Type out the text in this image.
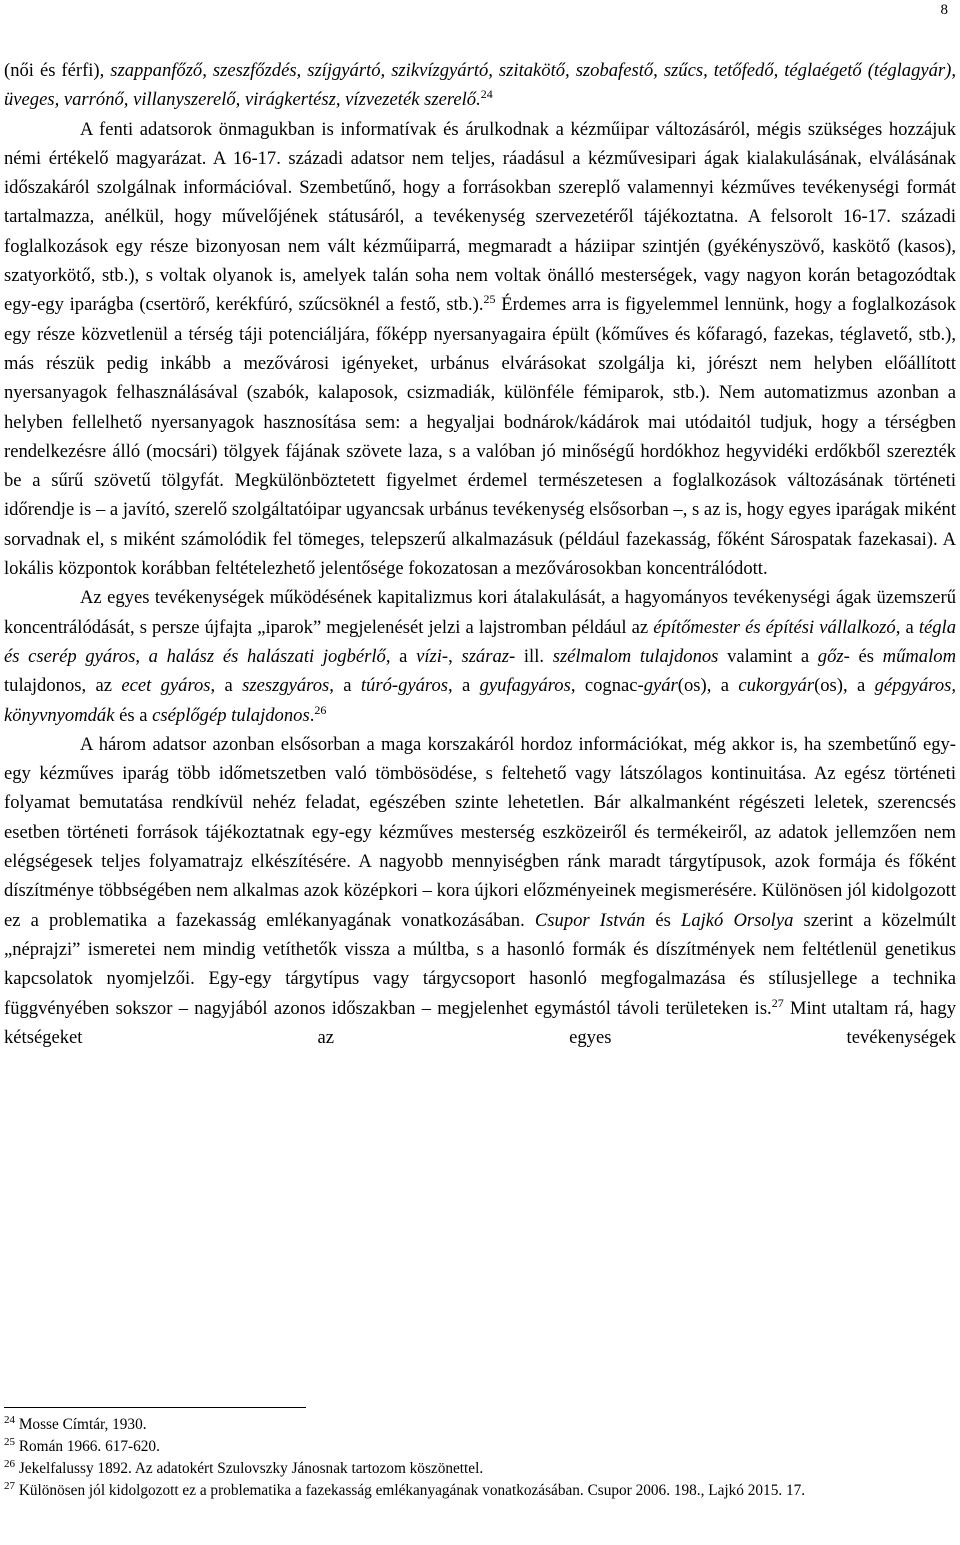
8

(női és férfi), szappanfőző, szeszfőzdés, szíjgyártó, szikvízgyártó, szitakötő, szobafestő, szűcs, tetőfedő, téglaégető (téglagyár), üveges, varrónő, villanyszerelő, virágkertész, vízvezeték szerelő.$^{24}$

A fenti adatsorok önmagukban is informatívak és árulkodnak a kézműipar változásáról, mégis szükséges hozzájuk némi értékelő magyarázat. A 16-17. századi adatsor nem teljes, ráadásul a kézművesipari ágak kialakulásának, elválásának időszakáról szolgálnak információval. Szembetűnő, hogy a forrásokban szereplő valamennyi kézműves tevékenységi formát tartalmazza, anélkül, hogy művelőjének státusáról, a tevékenység szervezetéről tájékoztatna. A felsorolt 16-17. századi foglalkozások egy része bizonyosan nem vált kézműiparrá, megmaradt a háziipar szintjén (gyékényszövő, kaskötő (kasos), szatyorkötő, stb.), s voltak olyanok is, amelyek talán soha nem voltak önálló mesterségek, vagy nagyon korán betagozódtak egy-egy iparágba (csertörő, kerékfúró, szűcsöknél a festő, stb.).$^{25}$ Érdemes arra is figyelemmel lennünk, hogy a foglalkozások egy része közvetlenül a térség táji potenciáljára, főképp nyersanyagaira épült (kőműves és kőfaragó, fazekas, téglavető, stb.), más részük pedig inkább a mezővárosi igényeket, urbánus elvárásokat szolgálja ki, jórészt nem helyben előállított nyersanyagok felhasználásával (szabók, kalaposok, csizmadiák, különféle fémiparok, stb.). Nem automatizmus azonban a helyben fellelhető nyersanyagok hasznosítása sem: a hegyaljai bodnárok/kádárok mai utódaitól tudjuk, hogy a térségben rendelkezésre álló (mocsári) tölgyek fájának szövete laza, s a valóban jó minőségű hordókhoz hegyvidéki erdőkből szerezték be a sűrű szövetű tölgyfát. Megkülönböztetett figyelmet érdemel természetesen a foglalkozások változásának történeti időrendje is – a javító, szerelő szolgáltatóipar ugyancsak urbánus tevékenység elsősorban –, s az is, hogy egyes iparágak miként sorvadnak el, s miként számolódik fel tömeges, telepszerű alkalmazásuk (például fazekasság, főként Sárospatak fazekasai). A lokális központok korábban feltételezhető jelentősége fokozatosan a mezővárosokban koncentrálódott.

Az egyes tevékenységek működésének kapitalizmus kori átalakulását, a hagyományos tevékenységi ágak üzemszerű koncentrálódását, s persze újfajta „iparok” megjelenését jelzi a lajstromban például az építőmester és építési vállalkozó, a tégla és cserép gyáros, a halász és halászati jogbérlő, a vízi-, száraz- ill. szélmalom tulajdonos valamint a gőz- és műmalom tulajdonos, az ecet gyáros, a szeszgyáros, a túró-gyáros, a gyufagyáros, cognac-gyár(os), a cukorgyár(os), a gépgyáros, könyvnyomdák és a cséplőgép tulajdonos.$^{26}$

A három adatsor azonban elsősorban a maga korszakáról hordoz információkat, még akkor is, ha szembetűnő egy-egy kézműves iparág több időmetszetben való tömbösödése, s feltehető vagy látszólagos kontinuitása. Az egész történeti folyamat bemutatása rendkívül nehéz feladat, egészében szinte lehetetlen. Bár alkalmanként régészeti leletek, szerencsés esetben történeti források tájékoztatnak egy-egy kézműves mesterség eszközeiről és termékeiről, az adatok jellemzően nem elégségesek teljes folyamatrajz elkészítésére. A nagyobb mennyiségben ránk maradt tárgytípusok, azok formája és főként díszítménye többségében nem alkalmas azok középkori – kora újkori előzményeinek megismerésére. Különösen jól kidolgozott ez a problematika a fazekasság emlékanyagának vonatkozásában. Csupor István és Lajkó Orsolya szerint a közelmúlt „néprajzi” ismeretei nem mindig vetíthetők vissza a múltba, s a hasonló formák és díszítmények nem feltétlenül genetikus kapcsolatok nyomjelzői. Egy-egy tárgytípus vagy tárgycsoport hasonló megfogalmazása és stílusjellege a technika függvényében sokszor – nagyjából azonos időszakban – megjelenhet egymástól távoli területeken is.$^{27}$ Mint utaltam rá, hagy kétségeket az egyes tevékenységek

$^{24}$ Mosse Címtár, 1930.

$^{25}$ Román 1966. 617-620.

$^{26}$ Jekelfalussy 1892. Az adatokért Szulovszky Jánosnak tartozom köszönettel.

$^{27}$ Különösen jól kidolgozott ez a problematika a fazekasság emlékanyagának vonatkozásában. Csupor 2006. 198., Lajkó 2015. 17.
